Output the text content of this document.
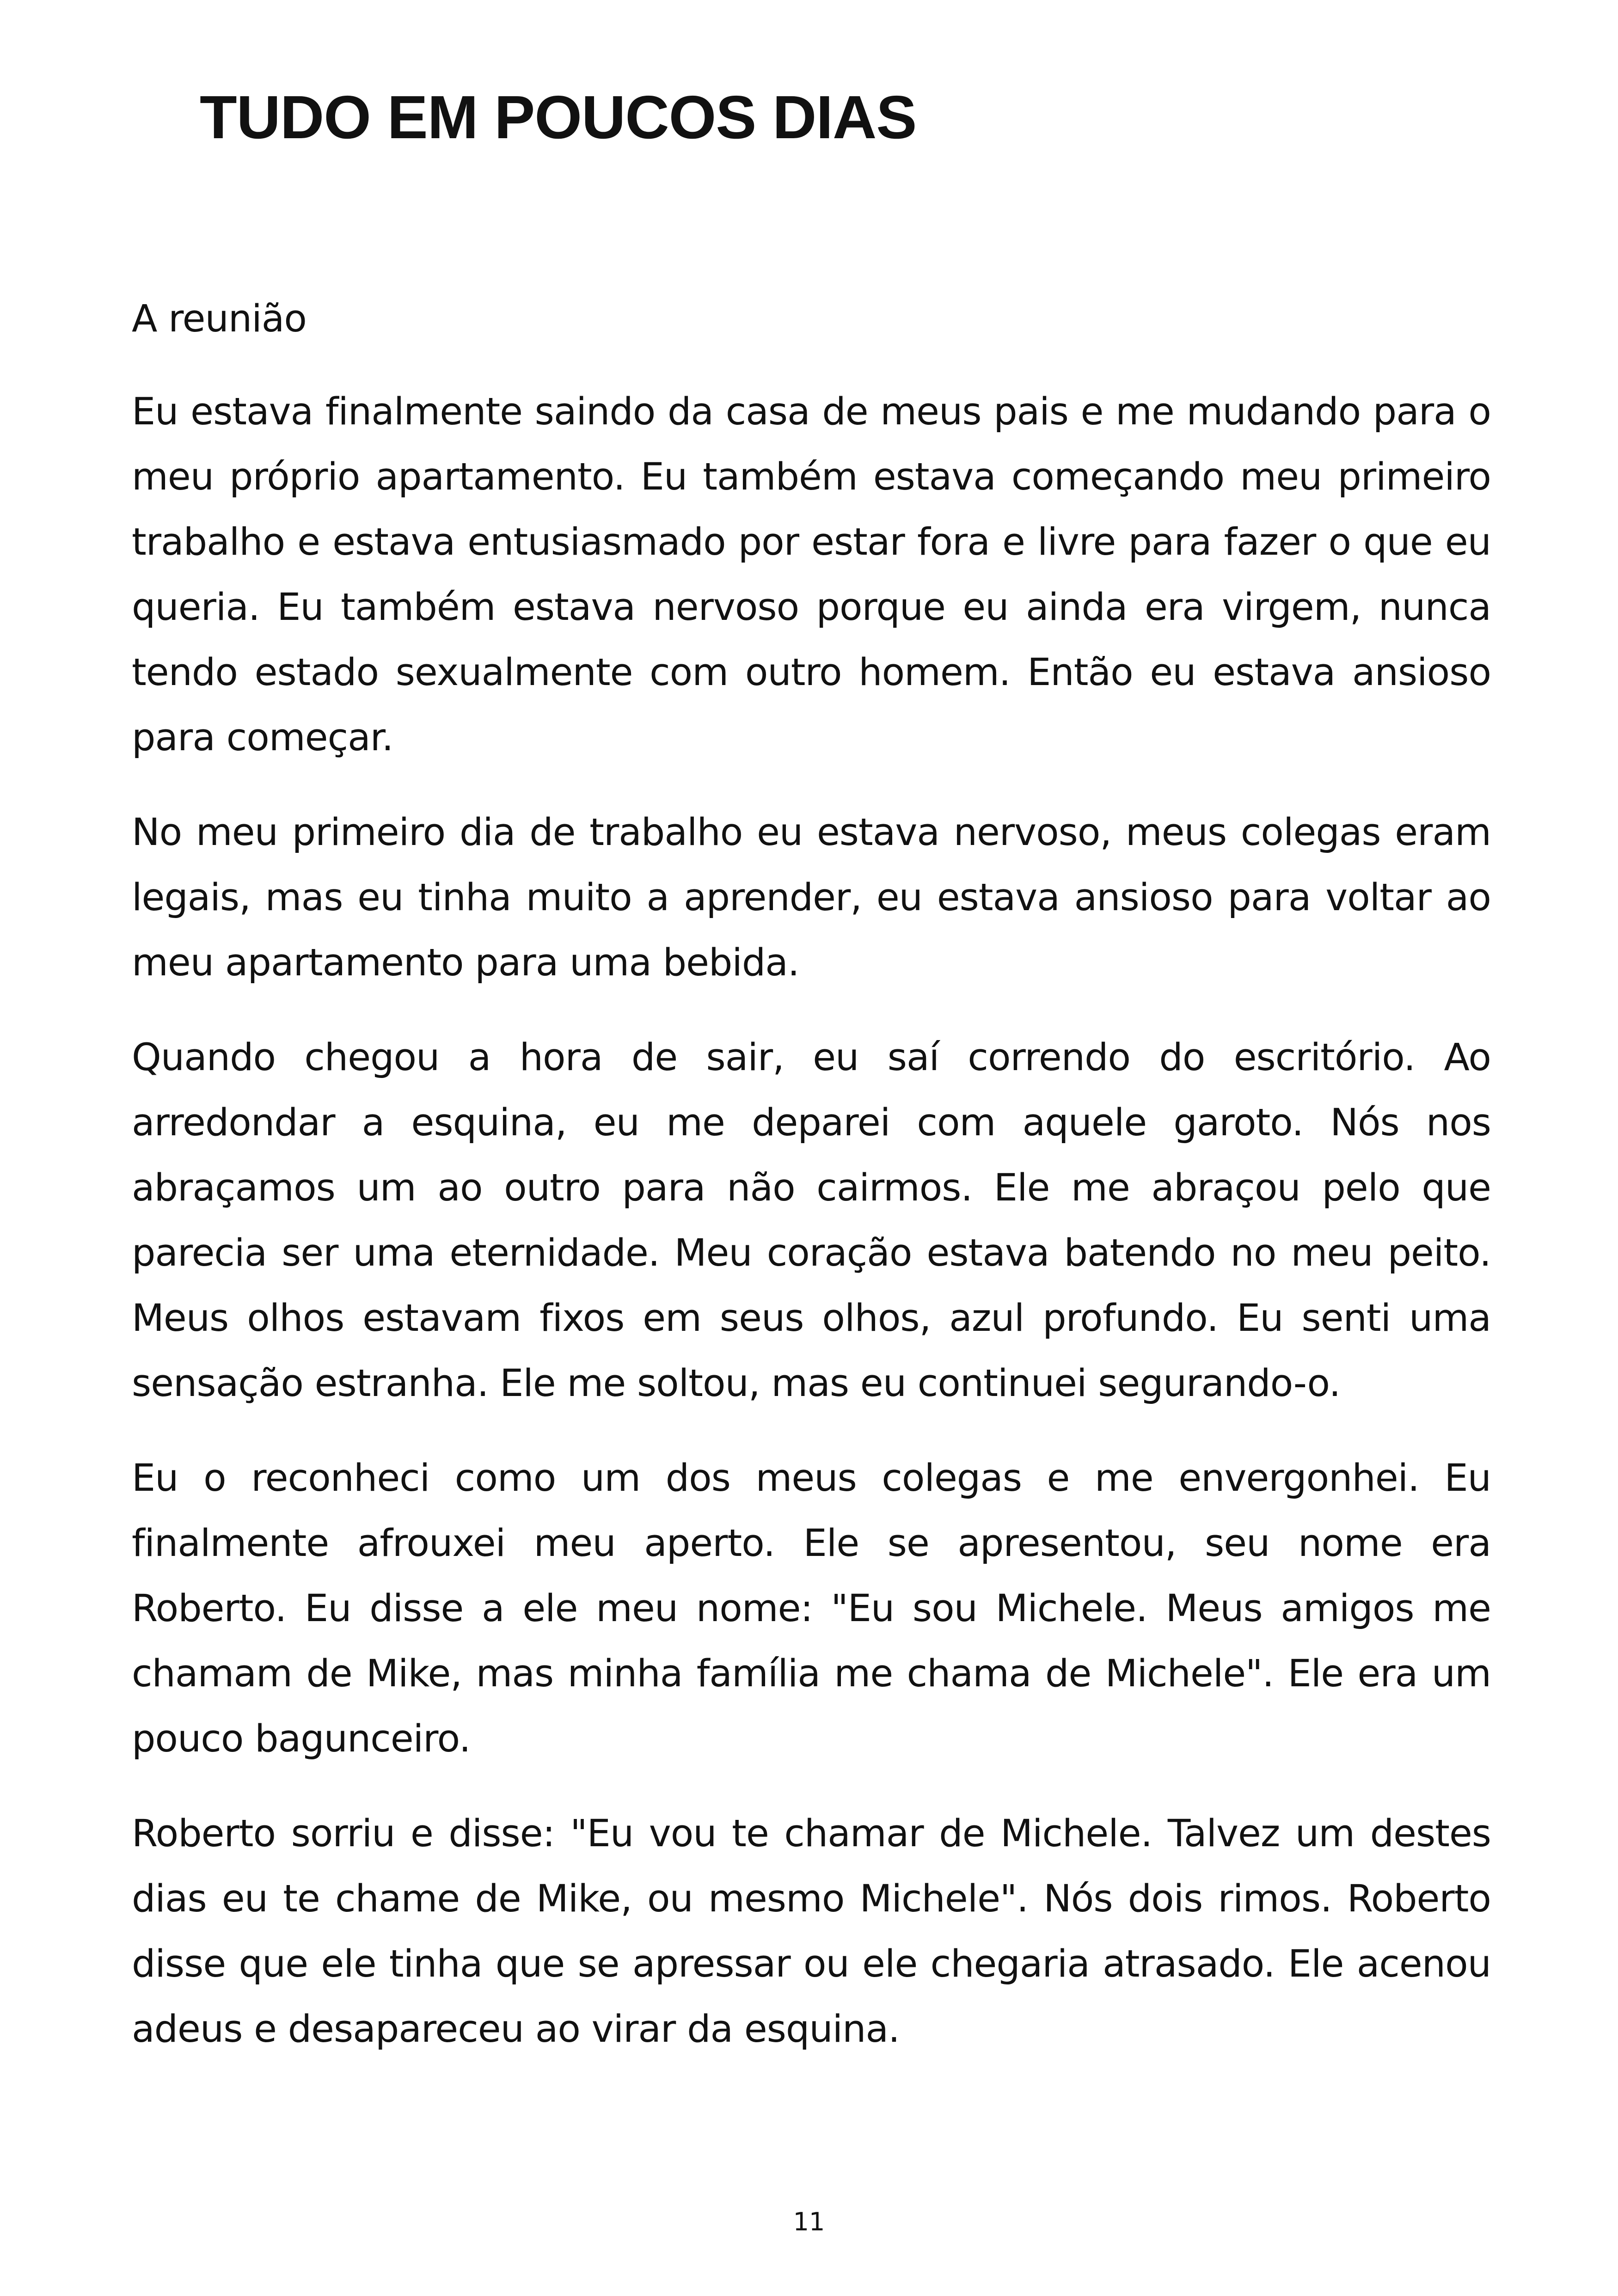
TUDO EM POUCOS DIAS

A reunião

Eu estava finalmente saindo da casa de meus pais e me mudando para o meu próprio apartamento. Eu também estava começando meu primeiro trabalho e estava entusiasmado por estar fora e livre para fazer o que eu queria. Eu também estava nervoso porque eu ainda era virgem, nunca tendo estado sexualmente com outro homem. Então eu estava ansioso para começar.

No meu primeiro dia de trabalho eu estava nervoso, meus colegas eram legais, mas eu tinha muito a aprender, eu estava ansioso para voltar ao meu apartamento para uma bebida.

Quando chegou a hora de sair, eu saí correndo do escritório. Ao arredondar a esquina, eu me deparei com aquele garoto. Nós nos abraçamos um ao outro para não cairmos. Ele me abraçou pelo que parecia ser uma eternidade. Meu coração estava batendo no meu peito. Meus olhos estavam fixos em seus olhos, azul profundo. Eu senti uma sensação estranha. Ele me soltou, mas eu continuei segurando-o.

Eu o reconheci como um dos meus colegas e me envergonhei. Eu finalmente afrouxei meu aperto. Ele se apresentou, seu nome era Roberto. Eu disse a ele meu nome: "Eu sou Michele. Meus amigos me chamam de Mike, mas minha família me chama de Michele". Ele era um pouco bagunceiro.

Roberto sorriu e disse: "Eu vou te chamar de Michele. Talvez um destes dias eu te chame de Mike, ou mesmo Michele". Nós dois rimos. Roberto disse que ele tinha que se apressar ou ele chegaria atrasado. Ele acenou adeus e desapareceu ao virar da esquina.

11
